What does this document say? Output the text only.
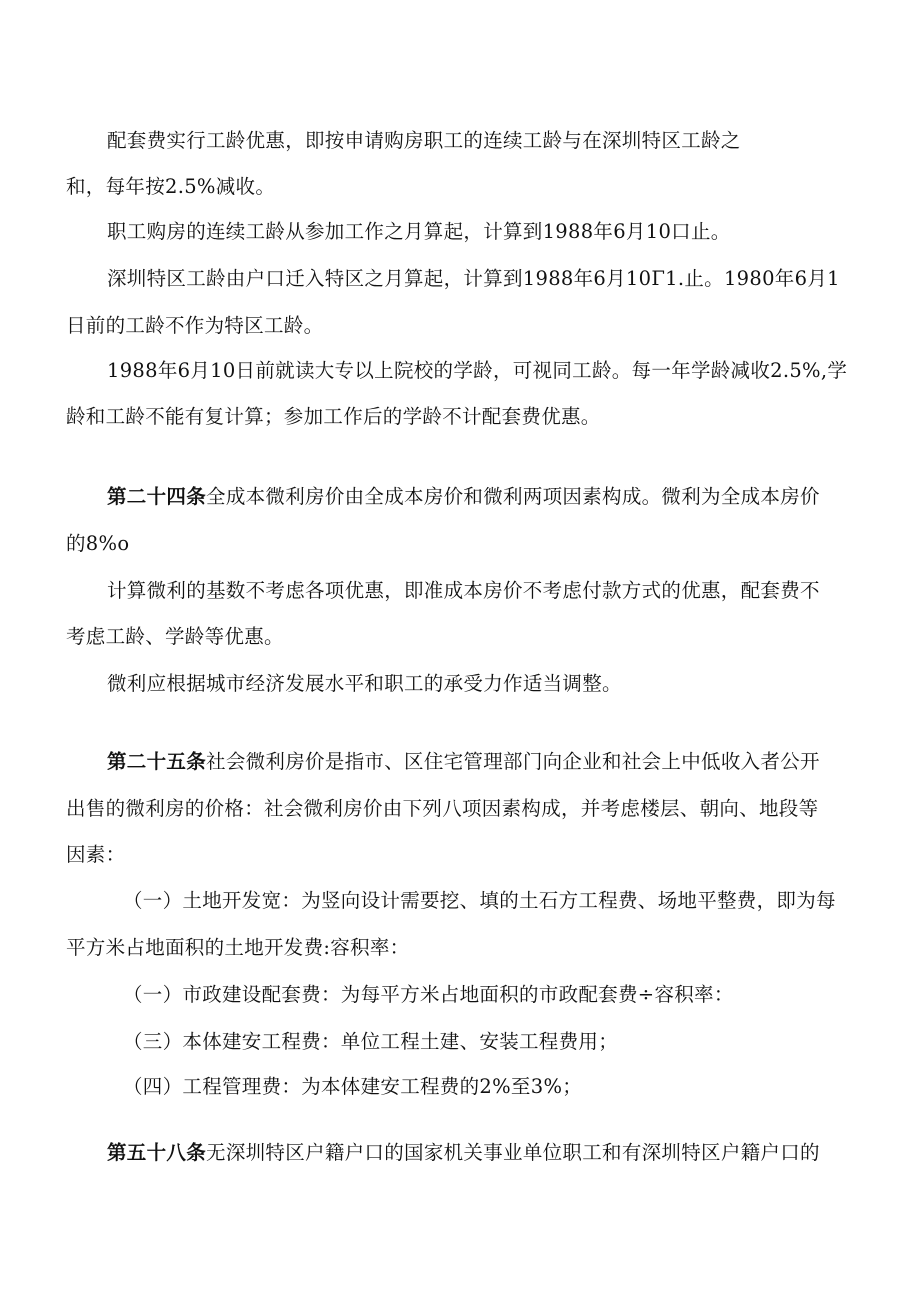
配套费实行工龄优惠，即按申请购房职工的连续工龄与在深圳特区工龄之
和，每年按2.5%减收。
职工购房的连续工龄从参加工作之月算起，计算到1988年6月10口止。
深圳特区工龄由户口迁入特区之月算起，计算到1988年6月10Γ1.止。1980年6月1
日前的工龄不作为特区工龄。
1988年6月10日前就读大专以上院校的学龄，可视同工龄。每一年学龄减收2.5%,学
龄和工龄不能有复计算；参加工作后的学龄不计配套费优惠。
第二十四条全成本微利房价由全成本房价和微利两项因素构成。微利为全成本房价
的8%o
计算微利的基数不考虑各项优惠，即准成本房价不考虑付款方式的优惠，配套费不
考虑工龄、学龄等优惠。
微利应根据城市经济发展水平和职工的承受力作适当调整。
第二十五条社会微利房价是指市、区住宅管理部门向企业和社会上中低收入者公开
出售的微利房的价格：社会微利房价由下列八项因素构成，并考虑楼层、朝向、地段等
因素：
（一）土地开发宽：为竖向设计需要挖、填的土石方工程费、场地平整费，即为每
平方米占地面积的土地开发费:容积率：
（一）市政建设配套费：为每平方米占地面积的市政配套费÷容积率：
（三）本体建安工程费：单位工程土建、安装工程费用；
（四）工程管理费：为本体建安工程费的2%至3%；
第五十八条无深圳特区户籍户口的国家机关事业单位职工和有深圳特区户籍户口的
